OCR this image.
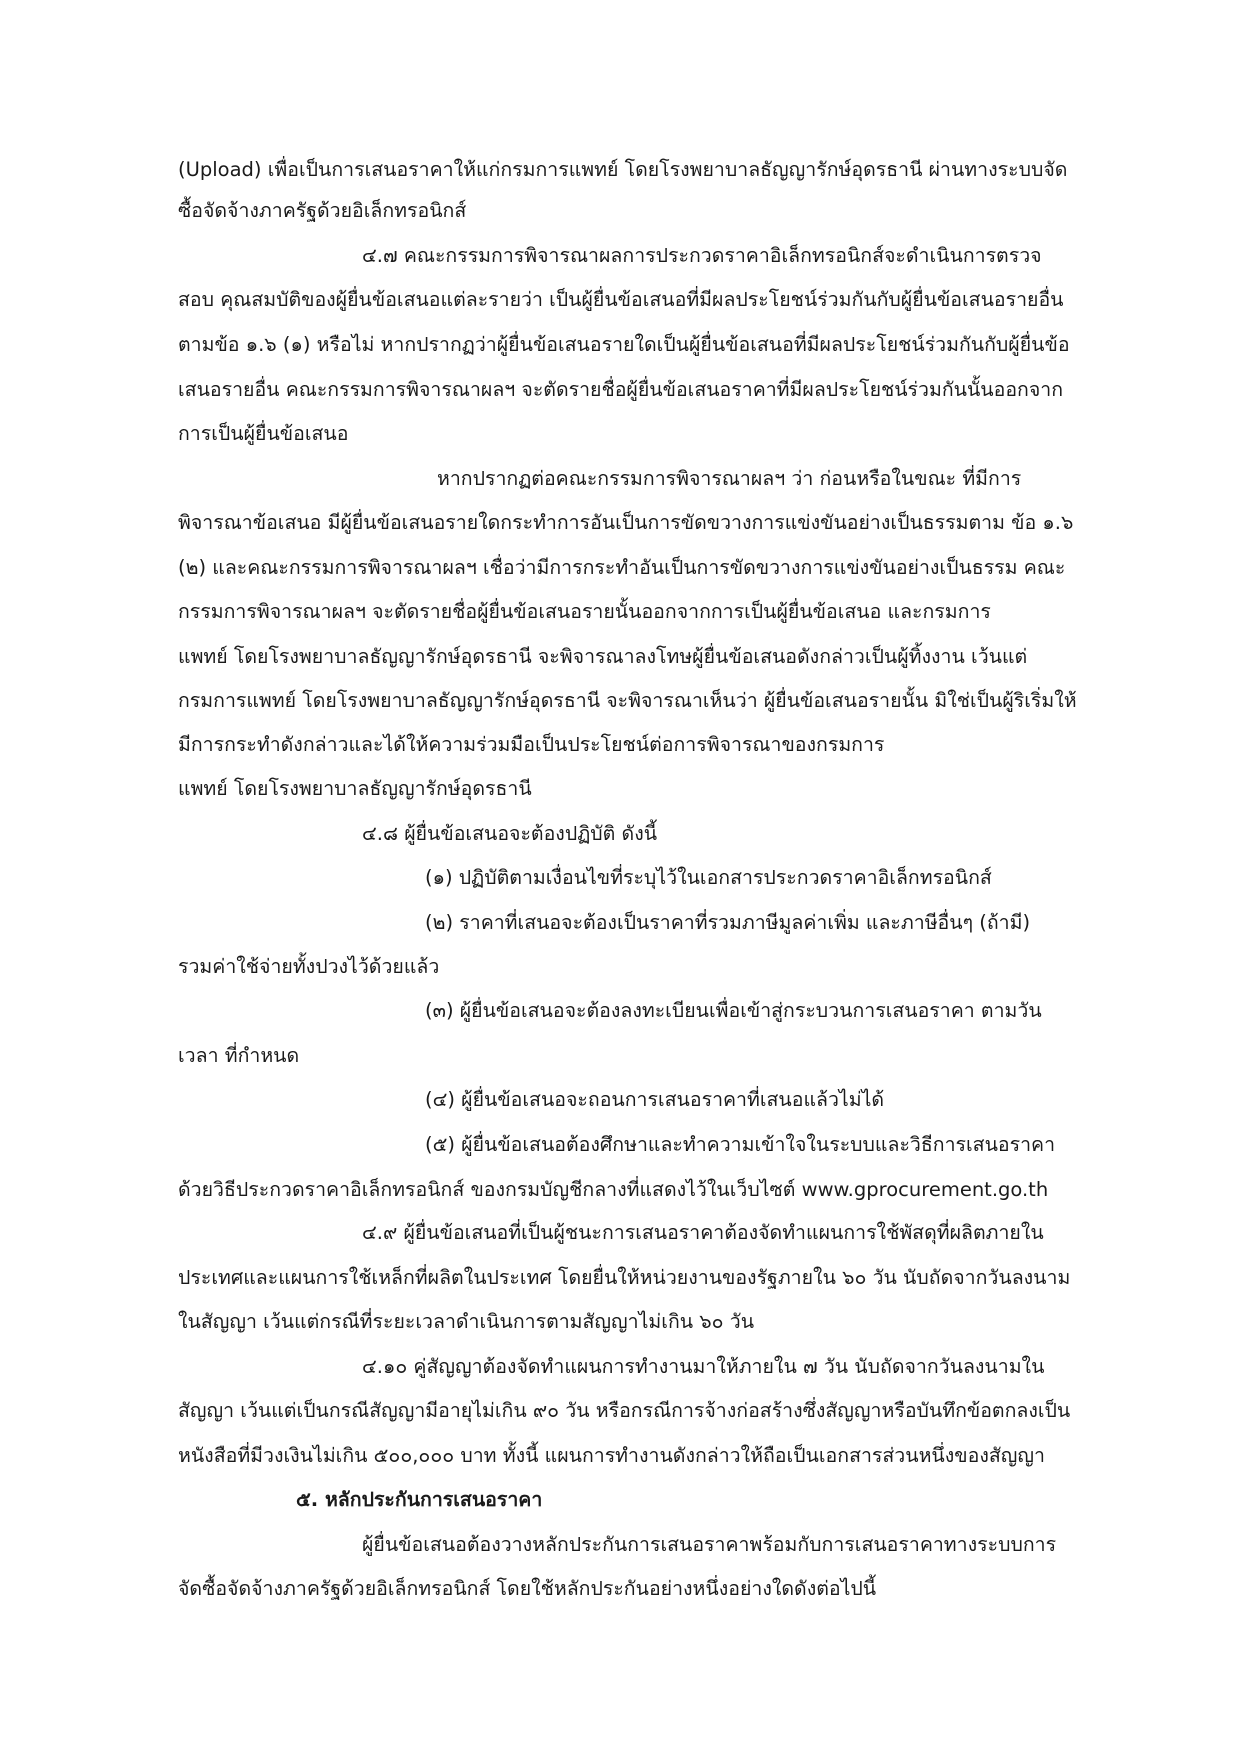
(Upload) เพื่อเป็นการเสนอราคาให้แก่กรมการแพทย์ โดยโรงพยาบาลธัญญารักษ์อุดรธานี ผ่านทางระบบจัด
ซื้อจัดจ้างภาครัฐด้วยอิเล็กทรอนิกส์
๔.๗ คณะกรรมการพิจารณาผลการประกวดราคาอิเล็กทรอนิกส์จะดำเนินการตรวจ
สอบ คุณสมบัติของผู้ยื่นข้อเสนอแต่ละรายว่า เป็นผู้ยื่นข้อเสนอที่มีผลประโยชน์ร่วมกันกับผู้ยื่นข้อเสนอรายอื่น
ตามข้อ ๑.๖ (๑) หรือไม่ หากปรากฏว่าผู้ยื่นข้อเสนอรายใดเป็นผู้ยื่นข้อเสนอที่มีผลประโยชน์ร่วมกันกับผู้ยื่นข้อ
เสนอรายอื่น คณะกรรมการพิจารณาผลฯ จะตัดรายชื่อผู้ยื่นข้อเสนอราคาที่มีผลประโยชน์ร่วมกันนั้นออกจาก
การเป็นผู้ยื่นข้อเสนอ
หากปรากฏต่อคณะกรรมการพิจารณาผลฯ ว่า ก่อนหรือในขณะ ที่มีการ
พิจารณาข้อเสนอ มีผู้ยื่นข้อเสนอรายใดกระทำการอันเป็นการขัดขวางการแข่งขันอย่างเป็นธรรมตาม ข้อ ๑.๖
(๒) และคณะกรรมการพิจารณาผลฯ เชื่อว่ามีการกระทำอันเป็นการขัดขวางการแข่งขันอย่างเป็นธรรม คณะ
กรรมการพิจารณาผลฯ จะตัดรายชื่อผู้ยื่นข้อเสนอรายนั้นออกจากการเป็นผู้ยื่นข้อเสนอ และกรมการ
แพทย์ โดยโรงพยาบาลธัญญารักษ์อุดรธานี จะพิจารณาลงโทษผู้ยื่นข้อเสนอดังกล่าวเป็นผู้ทิ้งงาน เว้นแต่
กรมการแพทย์ โดยโรงพยาบาลธัญญารักษ์อุดรธานี จะพิจารณาเห็นว่า ผู้ยื่นข้อเสนอรายนั้น มิใช่เป็นผู้ริเริ่มให้
มีการกระทำดังกล่าวและได้ให้ความร่วมมือเป็นประโยชน์ต่อการพิจารณาของกรมการ
แพทย์ โดยโรงพยาบาลธัญญารักษ์อุดรธานี
๔.๘ ผู้ยื่นข้อเสนอจะต้องปฏิบัติ ดังนี้
(๑) ปฏิบัติตามเงื่อนไขที่ระบุไว้ในเอกสารประกวดราคาอิเล็กทรอนิกส์
(๒) ราคาที่เสนอจะต้องเป็นราคาที่รวมภาษีมูลค่าเพิ่ม และภาษีอื่นๆ (ถ้ามี)
รวมค่าใช้จ่ายทั้งปวงไว้ด้วยแล้ว
(๓) ผู้ยื่นข้อเสนอจะต้องลงทะเบียนเพื่อเข้าสู่กระบวนการเสนอราคา ตามวัน
เวลา ที่กำหนด
(๔) ผู้ยื่นข้อเสนอจะถอนการเสนอราคาที่เสนอแล้วไม่ได้
(๕) ผู้ยื่นข้อเสนอต้องศึกษาและทำความเข้าใจในระบบและวิธีการเสนอราคา
ด้วยวิธีประกวดราคาอิเล็กทรอนิกส์ ของกรมบัญชีกลางที่แสดงไว้ในเว็บไซต์ www.gprocurement.go.th
๔.๙ ผู้ยื่นข้อเสนอที่เป็นผู้ชนะการเสนอราคาต้องจัดทำแผนการใช้พัสดุที่ผลิตภายใน
ประเทศและแผนการใช้เหล็กที่ผลิตในประเทศ โดยยื่นให้หน่วยงานของรัฐภายใน ๖๐ วัน นับถัดจากวันลงนาม
ในสัญญา เว้นแต่กรณีที่ระยะเวลาดำเนินการตามสัญญาไม่เกิน ๖๐ วัน
๔.๑๐ คู่สัญญาต้องจัดทำแผนการทำงานมาให้ภายใน ๗ วัน นับถัดจากวันลงนามใน
สัญญา เว้นแต่เป็นกรณีสัญญามีอายุไม่เกิน ๙๐ วัน หรือกรณีการจ้างก่อสร้างซึ่งสัญญาหรือบันทึกข้อตกลงเป็น
หนังสือที่มีวงเงินไม่เกิน ๕๐๐,๐๐๐ บาท ทั้งนี้ แผนการทำงานดังกล่าวให้ถือเป็นเอกสารส่วนหนึ่งของสัญญา
๕. หลักประกันการเสนอราคา
ผู้ยื่นข้อเสนอต้องวางหลักประกันการเสนอราคาพร้อมกับการเสนอราคาทางระบบการ
จัดซื้อจัดจ้างภาครัฐด้วยอิเล็กทรอนิกส์ โดยใช้หลักประกันอย่างหนึ่งอย่างใดดังต่อไปนี้
